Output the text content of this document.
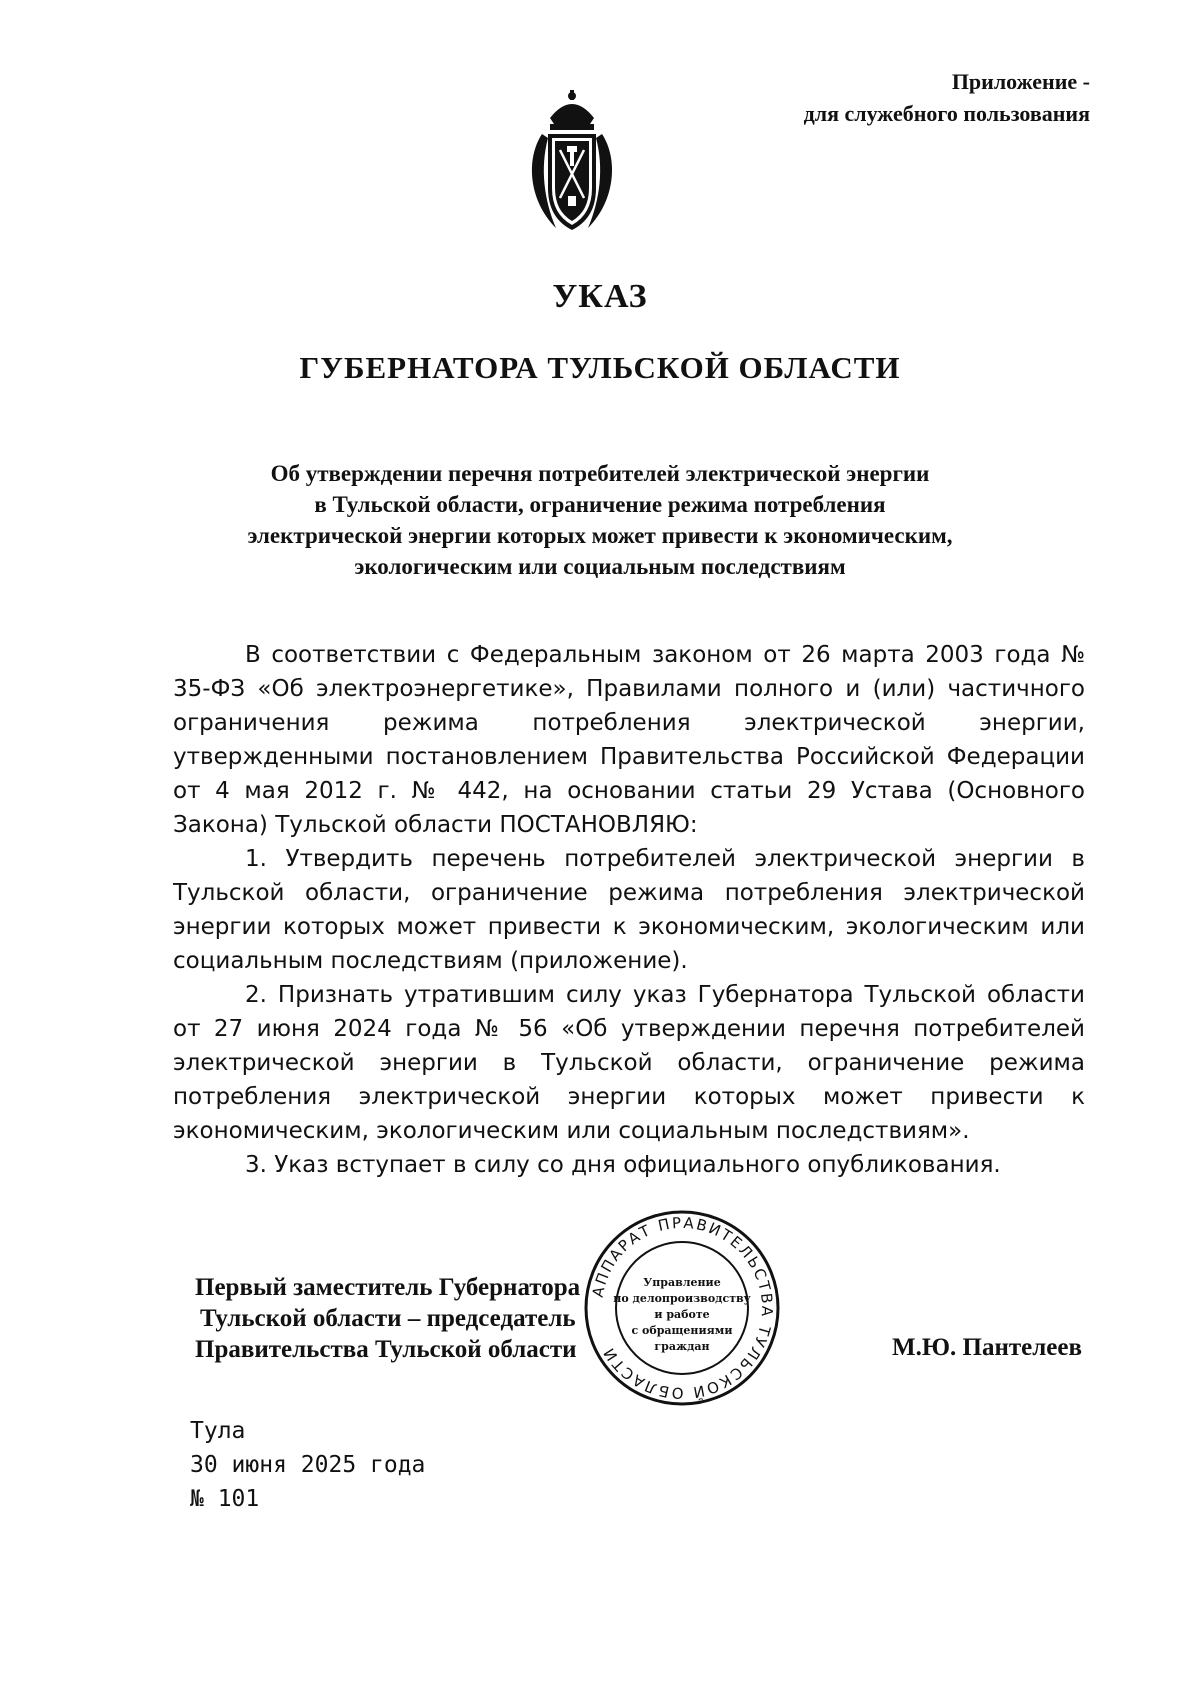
Приложение -
для служебного пользования
УКАЗ
ГУБЕРНАТОРА ТУЛЬСКОЙ ОБЛАСТИ
Об утверждении перечня потребителей электрической энергии
в Тульской области, ограничение режима потребления
электрической энергии которых может привести к экономическим,
экологическим или социальным последствиям

В соответствии с Федеральным законом от 26 марта 2003 года № 35-ФЗ «Об электроэнергетике», Правилами полного и (или) частичного ограничения режима потребления электрической энергии, утвержденными постановлением Правительства Российской Федерации от 4 мая 2012 г. № 442, на основании статьи 29 Устава (Основного Закона) Тульской области ПОСТАНОВЛЯЮ:

1. Утвердить перечень потребителей электрической энергии в Тульской области, ограничение режима потребления электрической энергии которых может привести к экономическим, экологическим или социальным последствиям (приложение).

2. Признать утратившим силу указ Губернатора Тульской области от 27 июня 2024 года № 56 «Об утверждении перечня потребителей электрической энергии в Тульской области, ограничение режима потребления электрической энергии которых может привести к экономическим, экологическим или социальным последствиям».

3. Указ вступает в силу со дня официального опубликования.

Первый заместитель Губернатора
Тульской области – председатель
Правительства Тульской области
АППАРАТ ПРАВИТЕЛЬСТВА ТУЛЬСКОЙ ОБЛАСТИ
Управление
по делопроизводству
и работе
с обращениями
граждан	М.Ю. Пантелеев
Тула
30 июня 2025 года
№ 101
